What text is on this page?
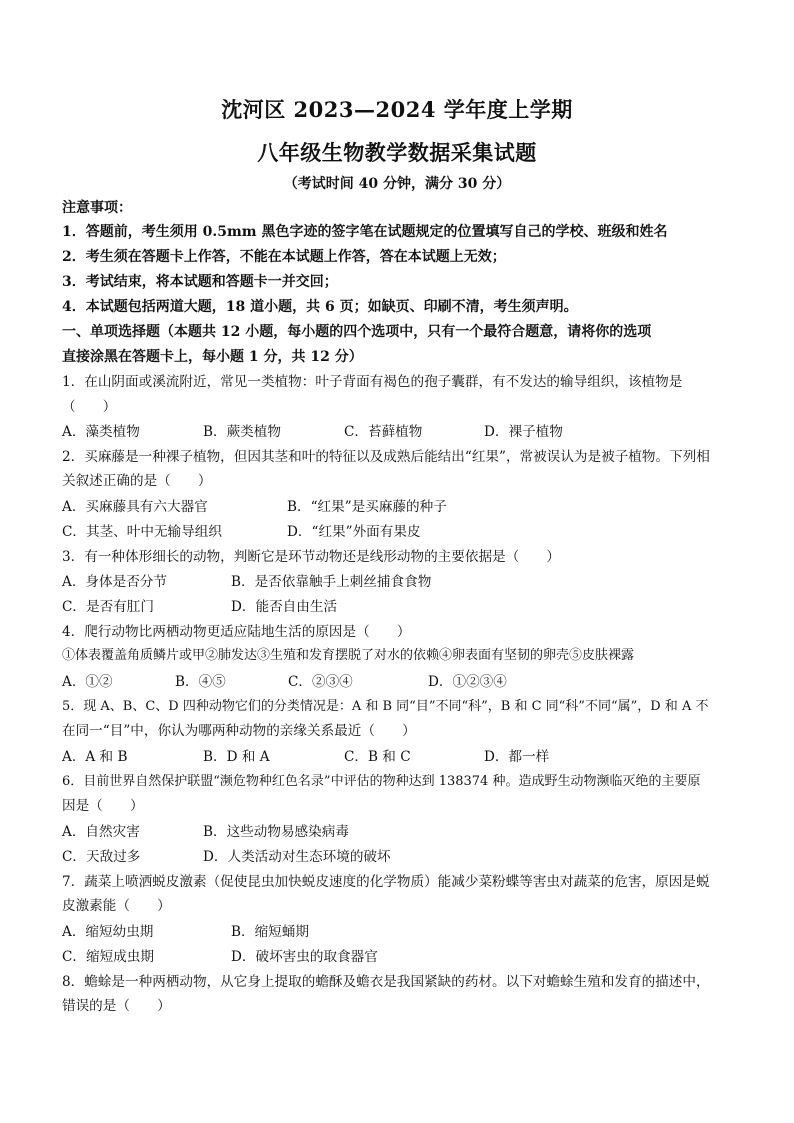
沈河区 2023—2024 学年度上学期
八年级生物教学数据采集试题
（考试时间 40 分钟，满分 30 分）
注意事项：
1．答题前，考生须用 0.5mm 黑色字迹的签字笔在试题规定的位置填写自己的学校、班级和姓名
2．考生须在答题卡上作答，不能在本试题上作答，答在本试题上无效；
3．考试结束，将本试题和答题卡一并交回；
4．本试题包括两道大题，18 道小题，共 6 页；如缺页、印刷不清，考生须声明。
一、单项选择题（本题共 12 小题，每小题的四个选项中，只有一个最符合题意，请将你的选项
直接涂黑在答题卡上，每小题 1 分，共 12 分）
1．在山阴面或溪流附近，常见一类植物：叶子背面有褐色的孢子囊群，有不发达的输导组织，该植物是
（　　）
A．藻类植物	B．蕨类植物	C．苔藓植物	D．裸子植物
2．买麻藤是一种裸子植物，但因其茎和叶的特征以及成熟后能结出“红果”，常被误认为是被子植物。下列相
关叙述正确的是（　　）
A．买麻藤具有六大器官	B．“红果”是买麻藤的种子
C．其茎、叶中无输导组织	D．“红果”外面有果皮
3．有一种体形细长的动物，判断它是环节动物还是线形动物的主要依据是（　　）
A．身体是否分节	B．是否依靠触手上刺丝捕食食物
C．是否有肛门	D．能否自由生活
4．爬行动物比两栖动物更适应陆地生活的原因是（　　）
①体表覆盖角质鳞片或甲②肺发达③生殖和发育摆脱了对水的依赖④卵表面有坚韧的卵壳⑤皮肤裸露
A．①②	B．④⑤	C．②③④	D．①②③④
5．现 A、B、C、D 四种动物它们的分类情况是：A 和 B 同“目”不同“科”，B 和 C 同“科”不同“属”，D 和 A 不
在同一“目”中，你认为哪两种动物的亲缘关系最近（　　）
A．A 和 B	B．D 和 A	C．B 和 C	D．都一样
6．目前世界自然保护联盟“濒危物种红色名录”中评估的物种达到 138374 种。造成野生动物濒临灭绝的主要原
因是（　　）
A．自然灾害	B．这些动物易感染病毒
C．天敌过多	D．人类活动对生态环境的破坏
7．蔬菜上喷洒蜕皮激素（促使昆虫加快蜕皮速度的化学物质）能减少菜粉蝶等害虫对蔬菜的危害，原因是蜕
皮激素能（　　）
A．缩短幼虫期	B．缩短蛹期
C．缩短成虫期	D．破坏害虫的取食器官
8．蟾蜍是一种两栖动物，从它身上提取的蟾酥及蟾衣是我国紧缺的药材。以下对蟾蜍生殖和发育的描述中，
错误的是（　　）
